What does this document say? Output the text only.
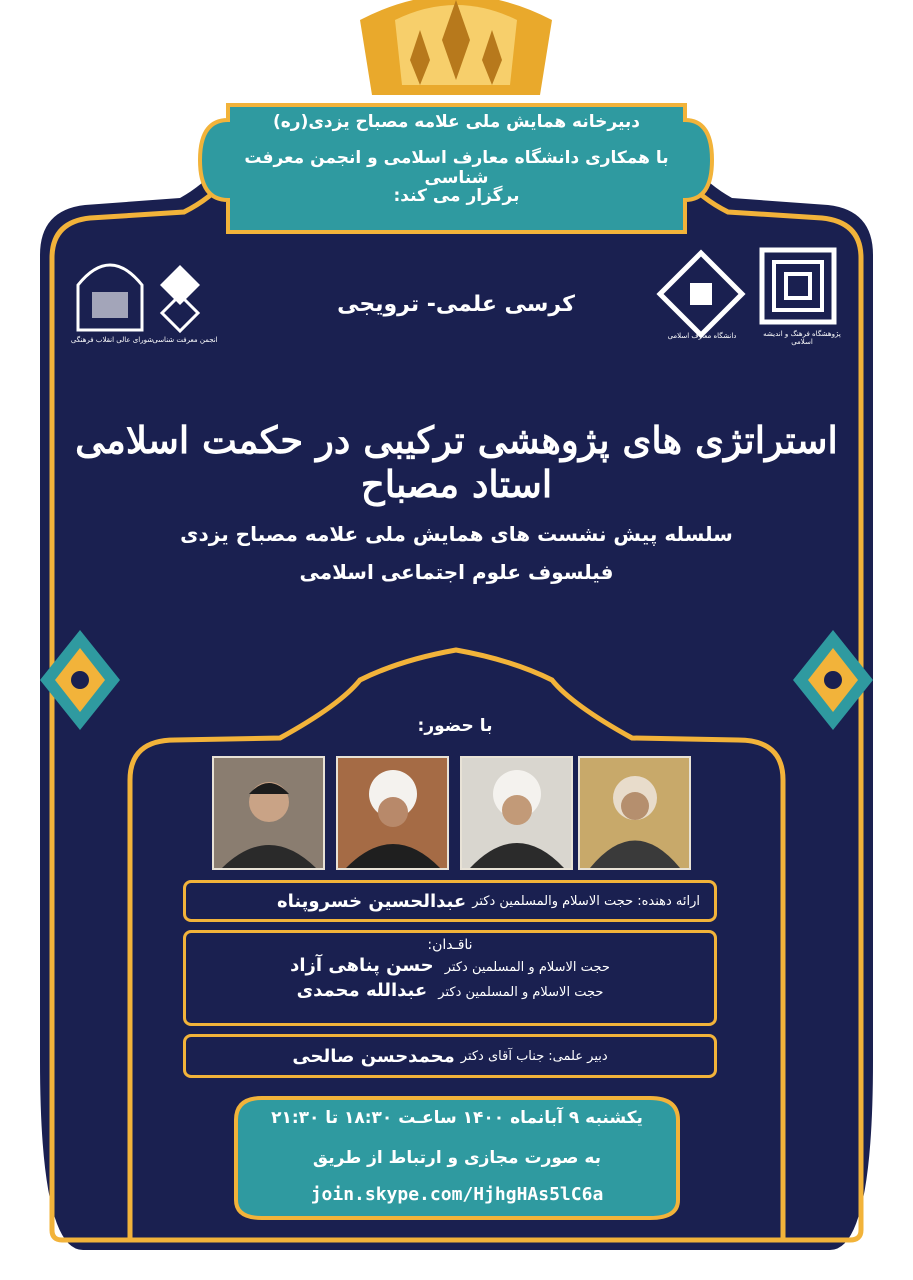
دبیرخانه همایش ملی علامه مصباح یزدی(ره)
با همکاری دانشگاه معارف اسلامی و انجمن معرفت شناسی
برگزار می کند:
شورای عالی انقلاب فرهنگی انجمن معرفت شناسی	دانشگاه معارف اسلامی	پژوهشگاه فرهنگ و اندیشه اسلامی
کرسی علمی- ترویجی
استراتژی های پژوهشی ترکیبی در حکمت اسلامی استاد مصباح
سلسله پیش نشست های همایش ملی علامه مصباح یزدی
فیلسوف علوم اجتماعی اسلامی
با حضور:
ارائه دهنده:
حجت الاسلام والمسلمین دکتر
عبدالحسین خسروپناه
ناقـدان:
حجت الاسلام و المسلمین دکتر حسن پناهی آزاد
حجت الاسلام و المسلمین دکتر عبدالله محمدی
دبیر علمی:
جناب آقای دکتر
محمدحسن صالحی
یکشنبه ۹ آبانماه ۱۴۰۰ ساعـت ۱۸:۳۰ تا ۲۱:۳۰
به صورت مجازی و ارتباط از طریق
join.skype.com/HjhgHAs5lC6a
